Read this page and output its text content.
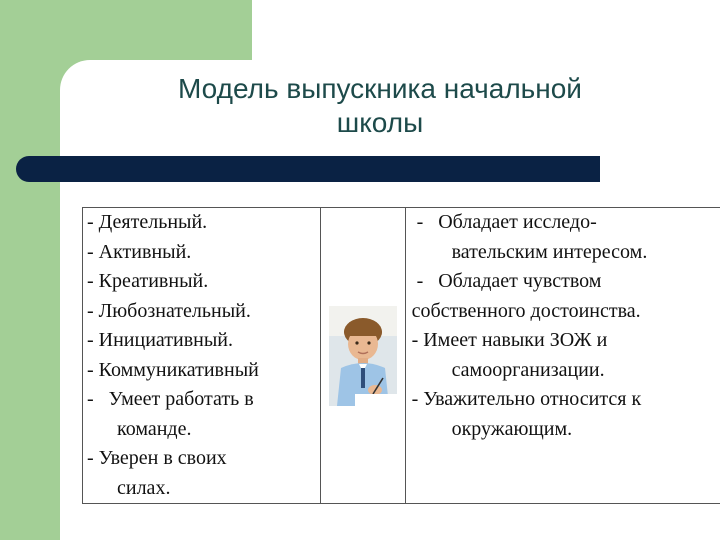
Модель выпускника начальной
школы
- Деятельный.
- Активный.
- Креативный.
- Любознательный.
- Инициативный.
- Коммуникативный
-   Умеет работать в
команде.
- Уверен в своих
силах.

-   Обладает исследо-
вательским интересом.
-   Обладает чувством
собственного достоинства.
- Имеет навыки ЗОЖ и
самоорганизации.
- Уважительно относится к
окружающим.
